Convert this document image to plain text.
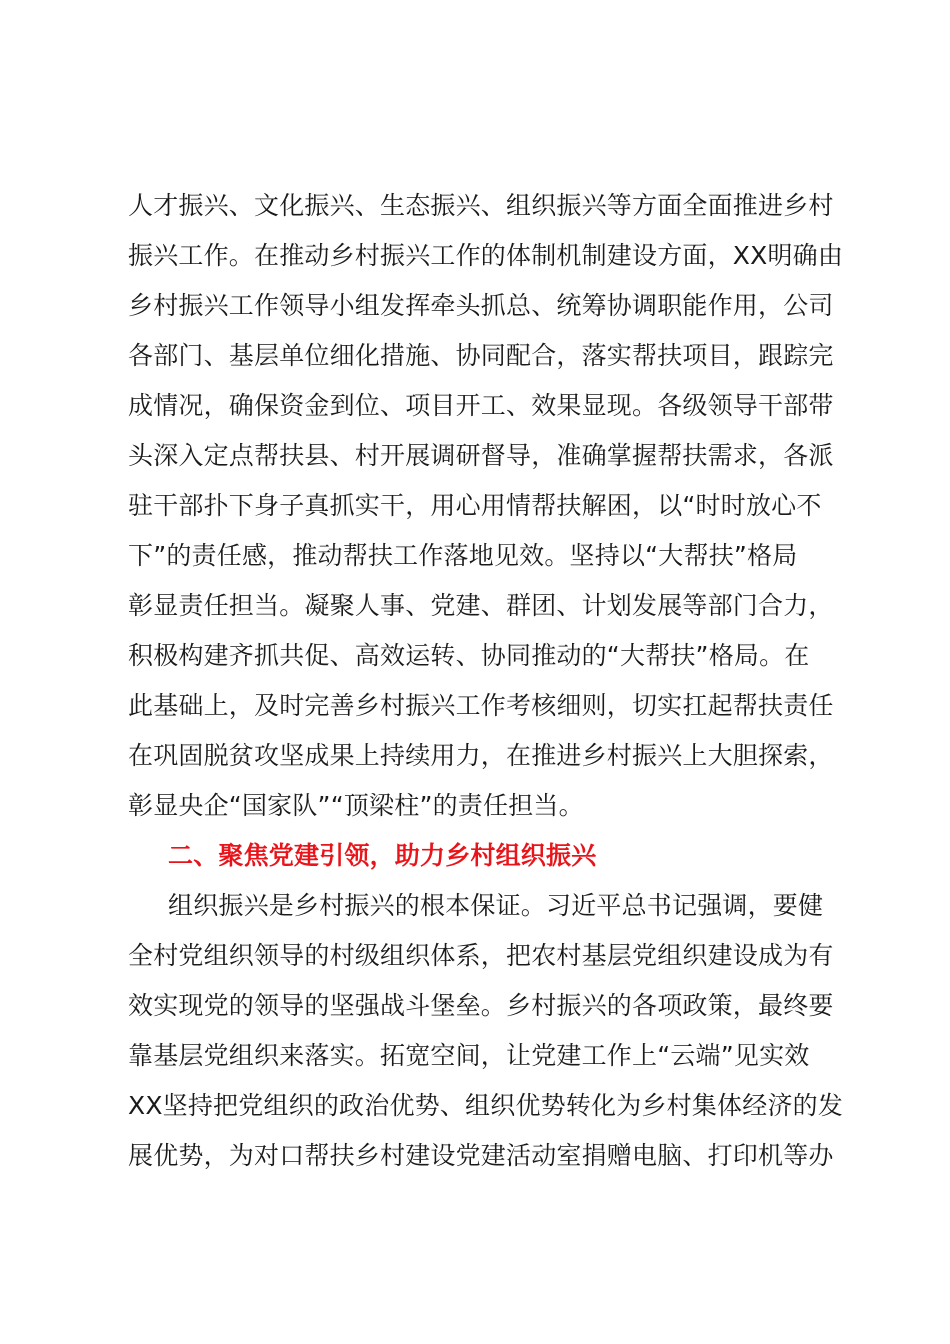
人才振兴、文化振兴、生态振兴、组织振兴等方面全面推进乡村
振兴工作。在推动乡村振兴工作的体制机制建设方面，XX明确由
乡村振兴工作领导小组发挥牵头抓总、统筹协调职能作用，公司
各部门、基层单位细化措施、协同配合，落实帮扶项目，跟踪完
成情况，确保资金到位、项目开工、效果显现。各级领导干部带
头深入定点帮扶县、村开展调研督导，准确掌握帮扶需求，各派
驻干部扑下身子真抓实干，用心用情帮扶解困，以“时时放心不
下”的责任感，推动帮扶工作落地见效。坚持以“大帮扶”格局
彰显责任担当。凝聚人事、党建、群团、计划发展等部门合力，
积极构建齐抓共促、高效运转、协同推动的“大帮扶”格局。在
此基础上，及时完善乡村振兴工作考核细则，切实扛起帮扶责任
在巩固脱贫攻坚成果上持续用力，在推进乡村振兴上大胆探索，
彰显央企“国家队”“顶梁柱”的责任担当。
二、聚焦党建引领，助力乡村组织振兴
组织振兴是乡村振兴的根本保证。习近平总书记强调，要健
全村党组织领导的村级组织体系，把农村基层党组织建设成为有
效实现党的领导的坚强战斗堡垒。乡村振兴的各项政策，最终要
靠基层党组织来落实。拓宽空间，让党建工作上“云端”见实效
XX坚持把党组织的政治优势、组织优势转化为乡村集体经济的发
展优势，为对口帮扶乡村建设党建活动室捐赠电脑、打印机等办
